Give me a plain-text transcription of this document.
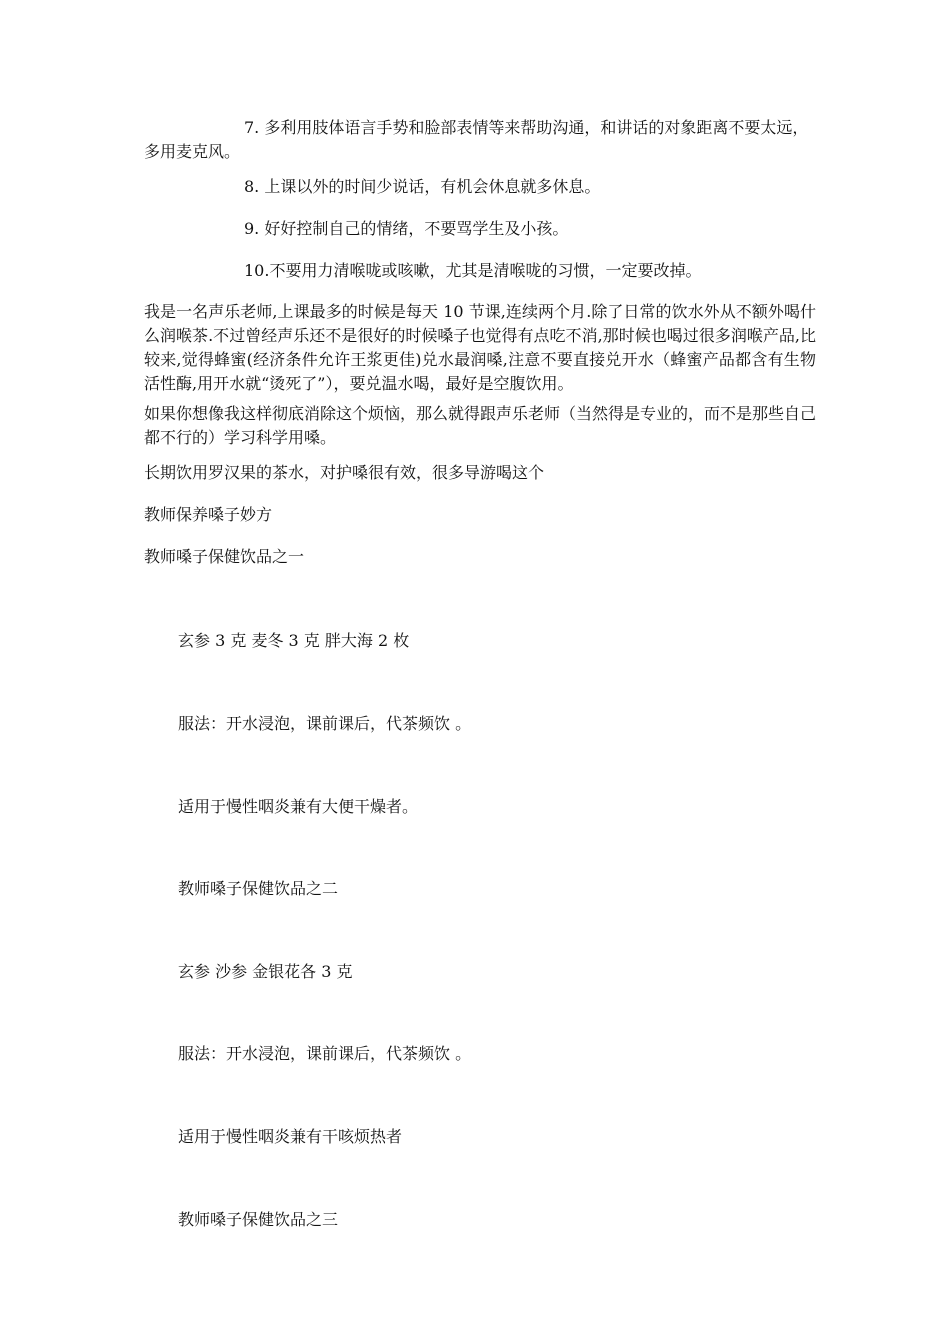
7. 多利用肢体语言手势和脸部表情等来帮助沟通，和讲话的对象距离不要太远，多用麦克风。

8. 上课以外的时间少说话，有机会休息就多休息。

9. 好好控制自己的情绪，不要骂学生及小孩。

10.不要用力清喉咙或咳嗽，尤其是清喉咙的习惯，一定要改掉。

我是一名声乐老师,上课最多的时候是每天 10 节课,连续两个月.除了日常的饮水外从不额外喝什么润喉茶.不过曾经声乐还不是很好的时候嗓子也觉得有点吃不消,那时候也喝过很多润喉产品,比较来,觉得蜂蜜(经济条件允许王浆更佳)兑水最润嗓,注意不要直接兑开水（蜂蜜产品都含有生物活性酶,用开水就“烫死了”），要兑温水喝，最好是空腹饮用。

如果你想像我这样彻底消除这个烦恼，那么就得跟声乐老师（当然得是专业的，而不是那些自己都不行的）学习科学用嗓。

长期饮用罗汉果的茶水，对护嗓很有效，很多导游喝这个

教师保养嗓子妙方

教师嗓子保健饮品之一

玄参 3 克 麦冬 3 克 胖大海 2 枚

服法：开水浸泡，课前课后，代茶频饮 。

适用于慢性咽炎兼有大便干燥者。

教师嗓子保健饮品之二

玄参 沙参 金银花各 3 克

服法：开水浸泡，课前课后，代茶频饮 。

适用于慢性咽炎兼有干咳烦热者

教师嗓子保健饮品之三
